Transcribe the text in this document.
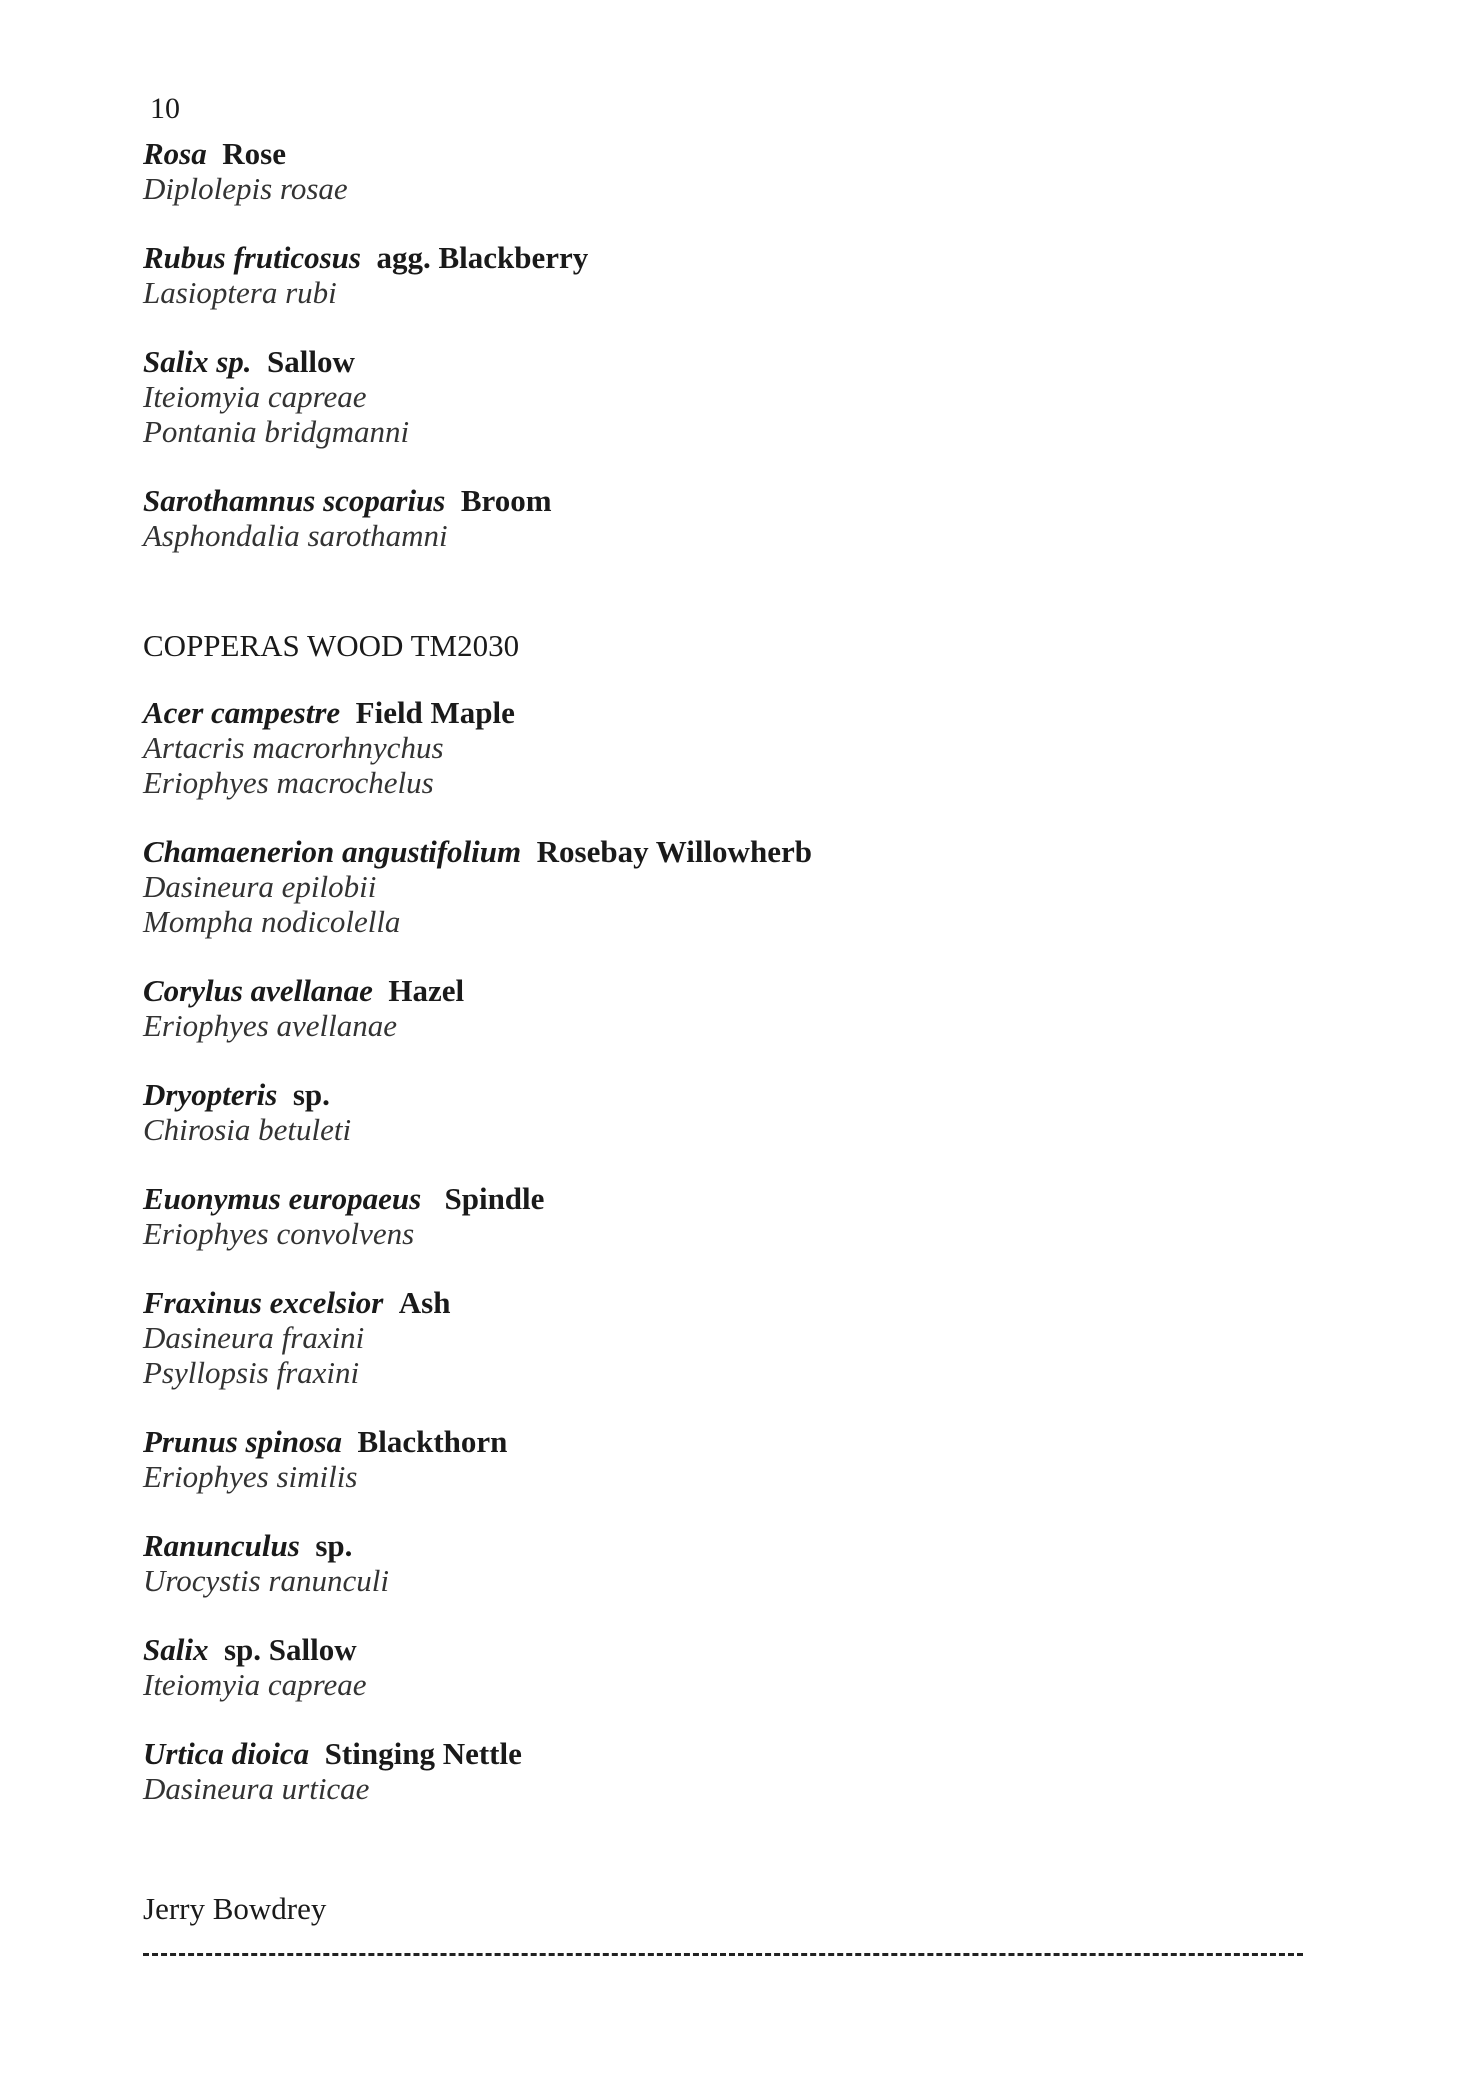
10
Rosa Rose
Diplolepis rosae
Rubus fruticosus agg. Blackberry
Lasioptera rubi
Salix sp. Sallow
Iteiomyia capreae
Pontania bridgmanni
Sarothamnus scoparius Broom
Asphondalia sarothamni
COPPERAS WOOD TM2030
Acer campestre Field Maple
Artacris macrorhnychus
Eriophyes macrochelus
Chamaenerion angustifolium Rosebay Willowherb
Dasineura epilobii
Mompha nodicolella
Corylus avellanae Hazel
Eriophyes avellanae
Dryopteris sp.
Chirosia betuleti
Euonymus europaeus   Spindle
Eriophyes convolvens
Fraxinus excelsior Ash
Dasineura fraxini
Psyllopsis fraxini
Prunus spinosa Blackthorn
Eriophyes similis
Ranunculus sp.
Urocystis ranunculi
Salix sp. Sallow
Iteiomyia capreae
Urtica dioica Stinging Nettle
Dasineura urticae
Jerry Bowdrey
